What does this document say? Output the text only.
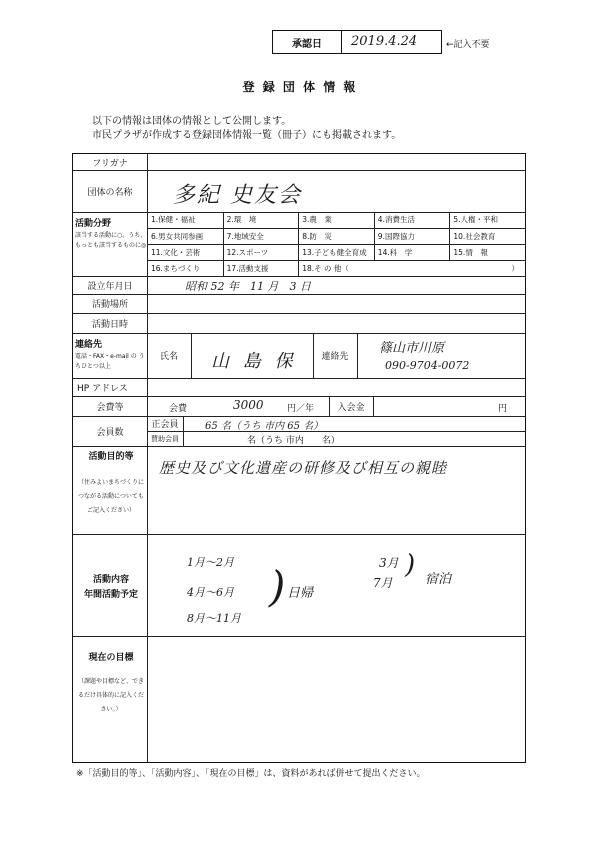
承認日	2019.4.24	←記入不要
登 録 団 体 情 報
以下の情報は団体の情報として公開します。
市民プラザが作成する登録団体情報一覧（冊子）にも掲載されます。
フリガナ
団体の名称	多紀 史友会
活動分野
該当する活動に○。うち、もっとも該当するものに◎
1.保健・福祉	2.環　境	3.農　業	4.消費生活	5.人権・平和
6.男女共同参画	7.地域安全	8.防　災	9.国際協力	10.社会教育
11.文化・芸術	12.スポーツ	13.子ども健全育成	14.科　学	15.情　報
16.まちづくり	17.活動支援	18.そ の 他（	）
設立年月日	昭和 52 年　11 月　3 日
活動場所
活動日時
連絡先
電話・FAX・e-mail の うちひとつ以上
氏名	山 島 保	連絡先
篠山市川原
090-9704-0072
HP アドレス
会費等	会費	3000	円／年	入会金	円
会員数
正会員	65 名（うち 市内 65 名）
賛助会員	名（うち 市内　　名）
活動目的等
（住みよいまちづくりにつながる活動についてもご記入ください）
歴史及び文化遺産の研修及び相互の親睦
活動内容
年間活動予定
1月〜2月
4月〜6月
8月〜11月
) 日帰
3月
7月
) 宿泊
現在の目標
（課題や目標など、できるだけ具体的に記入ください。）
※「活動目的等」、「活動内容」、「現在の目標」は、資料があれば併せて提出ください。
